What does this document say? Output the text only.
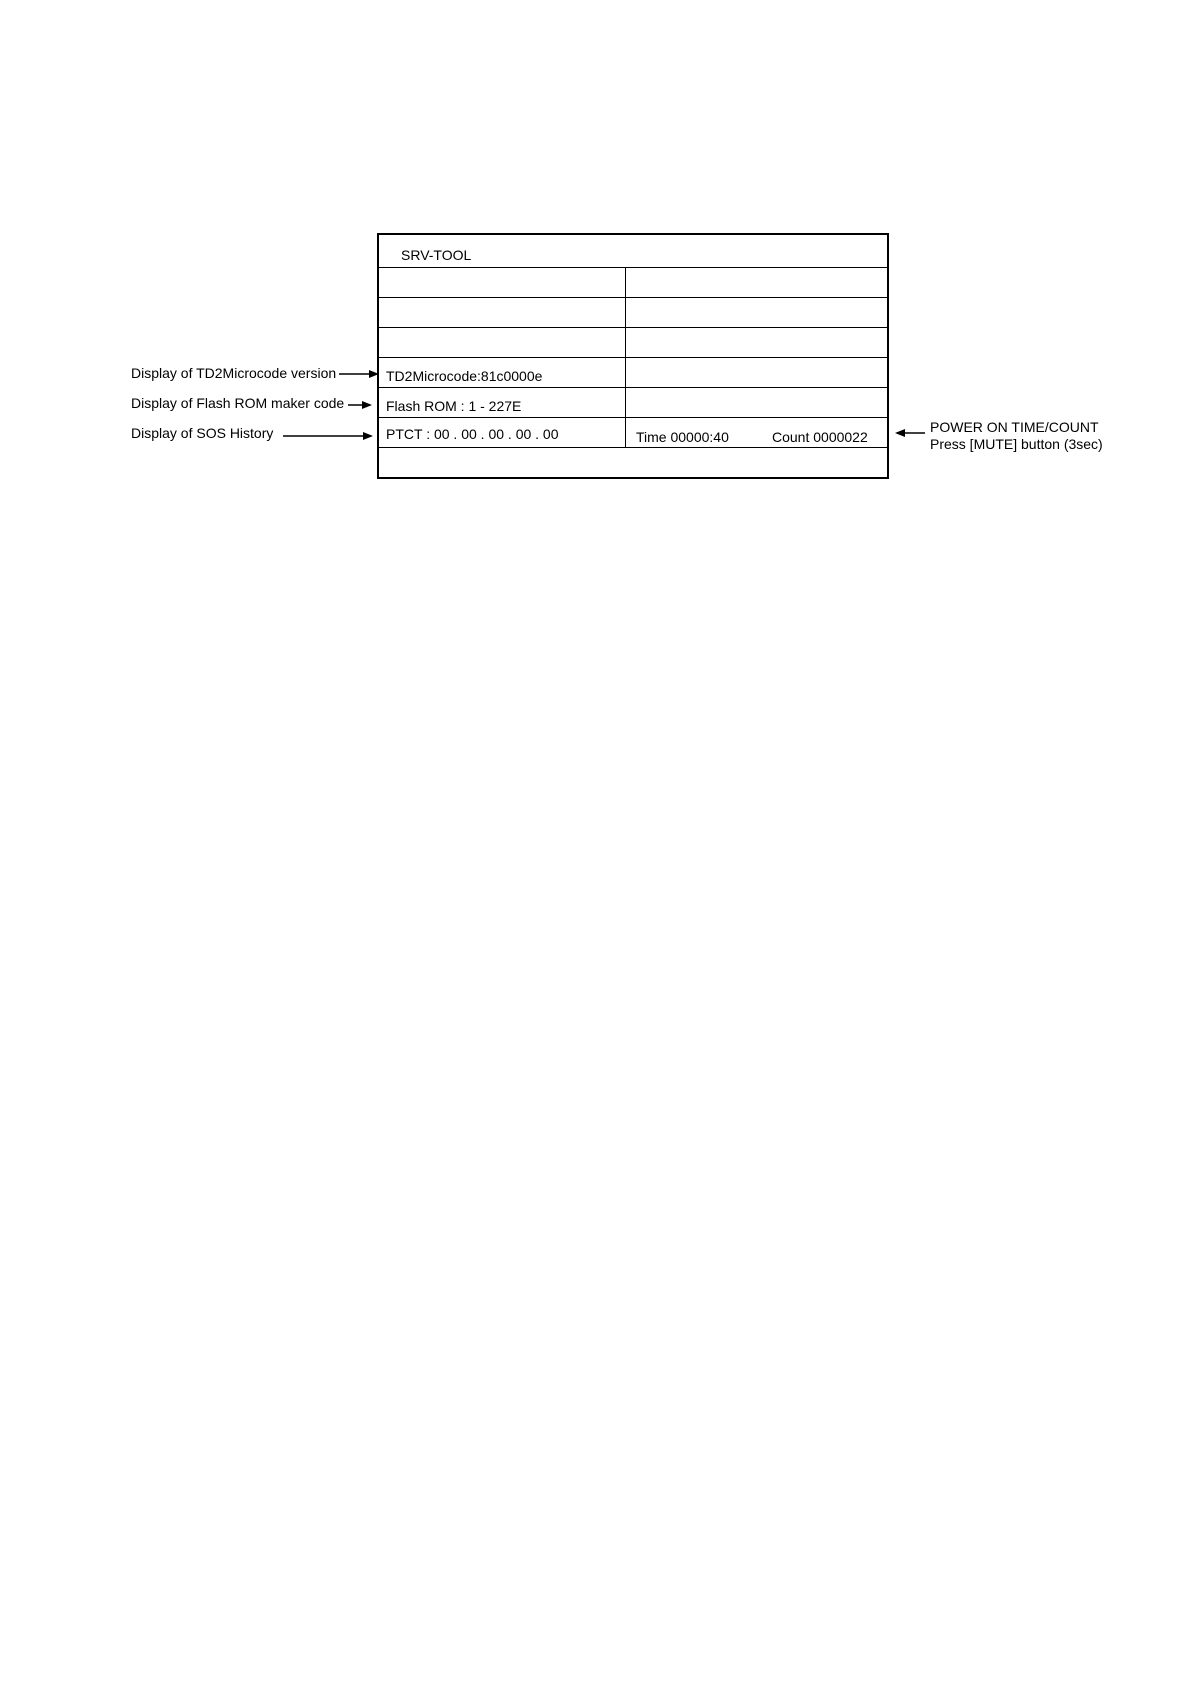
SRV-TOOL
TD2Microcode:81c0000e
Flash ROM : 1 - 227E
PTCT : 00 . 00 . 00 . 00 . 00	Time 00000:40	Count 0000022
Display of TD2Microcode version
Display of Flash ROM maker code
Display of SOS History	POWER ON TIME/COUNT
Press [MUTE] button (3sec)
